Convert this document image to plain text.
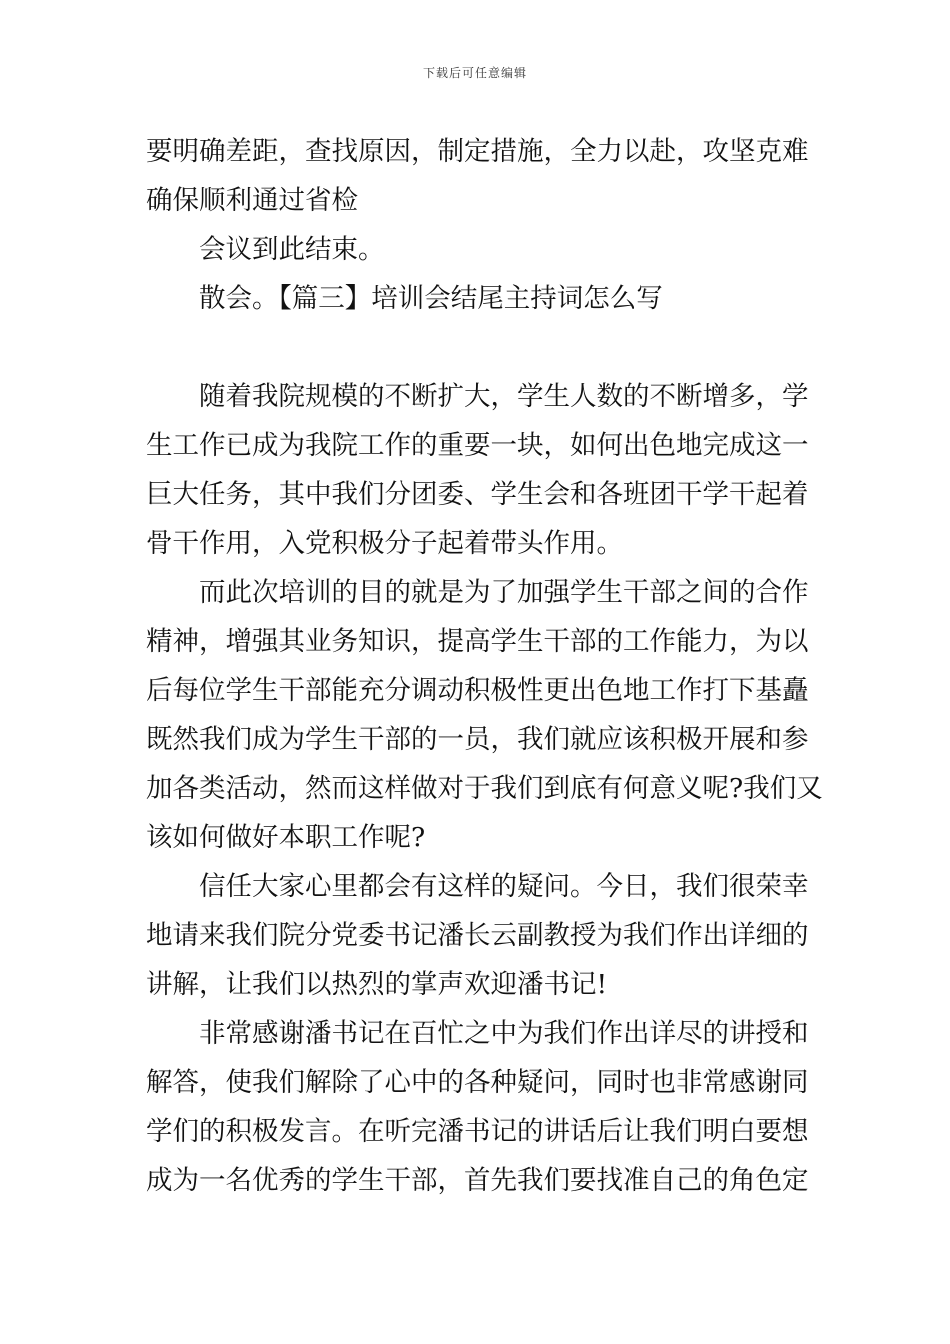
下载后可任意编辑
要明确差距，查找原因，制定措施，全力以赴，攻坚克难
确保顺利通过省检
会议到此结束。
散会。【篇三】培训会结尾主持词怎么写
随着我院规模的不断扩大，学生人数的不断增多，学
生工作已成为我院工作的重要一块，如何出色地完成这一
巨大任务，其中我们分团委、学生会和各班团干学干起着
骨干作用，入党积极分子起着带头作用。
而此次培训的目的就是为了加强学生干部之间的合作
精神，增强其业务知识，提高学生干部的工作能力，为以
后每位学生干部能充分调动积极性更出色地工作打下基矗
既然我们成为学生干部的一员，我们就应该积极开展和参
加各类活动，然而这样做对于我们到底有何意义呢?我们又
该如何做好本职工作呢?
信任大家心里都会有这样的疑问。今日，我们很荣幸
地请来我们院分党委书记潘长云副教授为我们作出详细的
讲解，让我们以热烈的掌声欢迎潘书记!
非常感谢潘书记在百忙之中为我们作出详尽的讲授和
解答，使我们解除了心中的各种疑问，同时也非常感谢同
学们的积极发言。在听完潘书记的讲话后让我们明白要想
成为一名优秀的学生干部，首先我们要找准自己的角色定
